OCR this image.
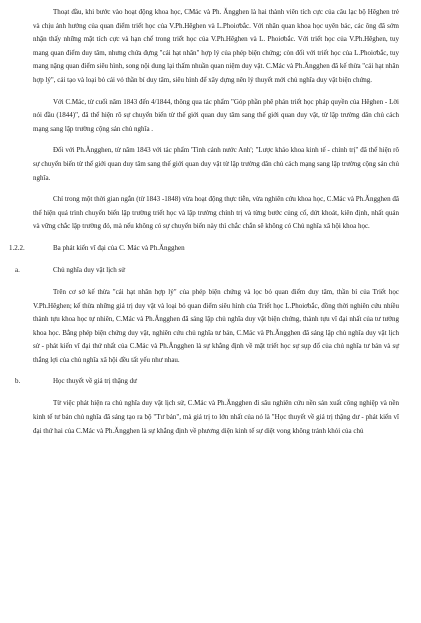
Thoạt đầu, khi bước vào hoạt động khoa học, CMác và Ph. Ăngghen là hai thành viên tích cực của câu lạc bộ Hêghen trẻ và chịu ảnh hưởng của quan điểm triết học của V.Ph.Hêghen và L.Phoiơbắc. Với nhãn quan khoa học uyên bác, các ông đã sớm nhận thấy những mặt tích cực và hạn chế trong triết học của V.Ph.Hêghen và L. Phoiơbắc. Với triết học của V.Ph.Hêghen, tuy mang quan điểm duy tâm, nhưng chứa đựng "cái hạt nhân" hợp lý của phép biện chứng; còn đối với triết học của L.Phoiơbắc, tuy mang nặng quan điểm siêu hình, song nội dung lại thấm nhuần quan niệm duy vật. C.Mác và Ph.Ăngghen đã kế thừa "cái hạt nhân hợp lý", cải tạo và loại bỏ cái vỏ thần bí duy tâm, siêu hình để xây dựng nên lý thuyết mới chủ nghĩa duy vật biện chứng.

Với C.Mác, từ cuối năm 1843 đến 4/1844, thông qua tác phẩm "Góp phần phê phán triết học pháp quyền của Hêghen - Lời nói đầu (1844)", đã thể hiện rõ sự chuyển biến từ thế giới quan duy tâm sang thế giới quan duy vật, từ lập trường dân chủ cách mạng sang lập trường cộng sản chủ nghĩa .

Đối với Ph.Ăngghen, từ năm 1843 với tác phẩm 'Tình cảnh nước Anh'; "Lược khảo khoa kinh tế - chính trị" đã thể hiện rõ sự chuyển biến từ thế giới quan duy tâm sang thế giới quan duy vật từ lập trường dân chủ cách mạng sang lập trường cộng sản chủ nghĩa.

Chỉ trong một thời gian ngắn (từ 1843 -1848) vừa hoạt động thực tiễn, vừa nghiên cứu khoa học, C.Mác và Ph.Ăngghen đã thể hiện quá trình chuyển biến lập trường triết học và lập trường chính trị và từng bước củng cố, dứt khoát, kiên định, nhất quán và vững chắc lập trường đó, mà nếu không có sự chuyển biến này thì chắc chắn sẽ không có Chủ nghĩa xã hội khoa học.

1.2.2.	Ba phát kiến vĩ đại của C. Mác và Ph.Ăngghen
a.	Chủ nghĩa duy vật lịch sử

Trên cơ sở kế thừa "cái hạt nhân hợp lý" của phép biện chứng và lọc bỏ quan điểm duy tâm, thần bí của Triết học V.Ph.Hêghen; kế thừa những giá trị duy vật và loại bỏ quan điểm siêu hình của Triết học L.Phoiơbắc, đồng thời nghiên cứu nhiều thành tựu khoa học tự nhiên, C.Mác và Ph.Ăngghen đã sáng lập chủ nghĩa duy vật biện chứng, thành tựu vĩ đại nhất của tư tưởng khoa học. Bằng phép biện chứng duy vật, nghiên cứu chủ nghĩa tư bản, C.Mác và Ph.Ăngghen đã sáng lập chủ nghĩa duy vật lịch sử - phát kiến vĩ đại thứ nhất của C.Mác và Ph.Ăngghen là sự khẳng định về mặt triết học sự sụp đổ của chủ nghĩa tư bản và sự thắng lợi của chủ nghĩa xã hội đều tất yếu như nhau.

b.	Học thuyết về giá trị thặng dư

Từ việc phát hiện ra chủ nghĩa duy vật lịch sử, C.Mác và Ph.Ăngghen đi sâu nghiên cứu nền sản xuất công nghiệp và nền kinh tế tư bản chủ nghĩa đã sáng tạo ra bộ "Tư bản", mà giá trị to lớn nhất của nó là "Học thuyết về giá trị thặng dư - phát kiến vĩ đại thứ hai của C.Mác và Ph.Ăngghen là sự khẳng định về phương diện kinh tế sự diệt vong không tránh khỏi của chủ
